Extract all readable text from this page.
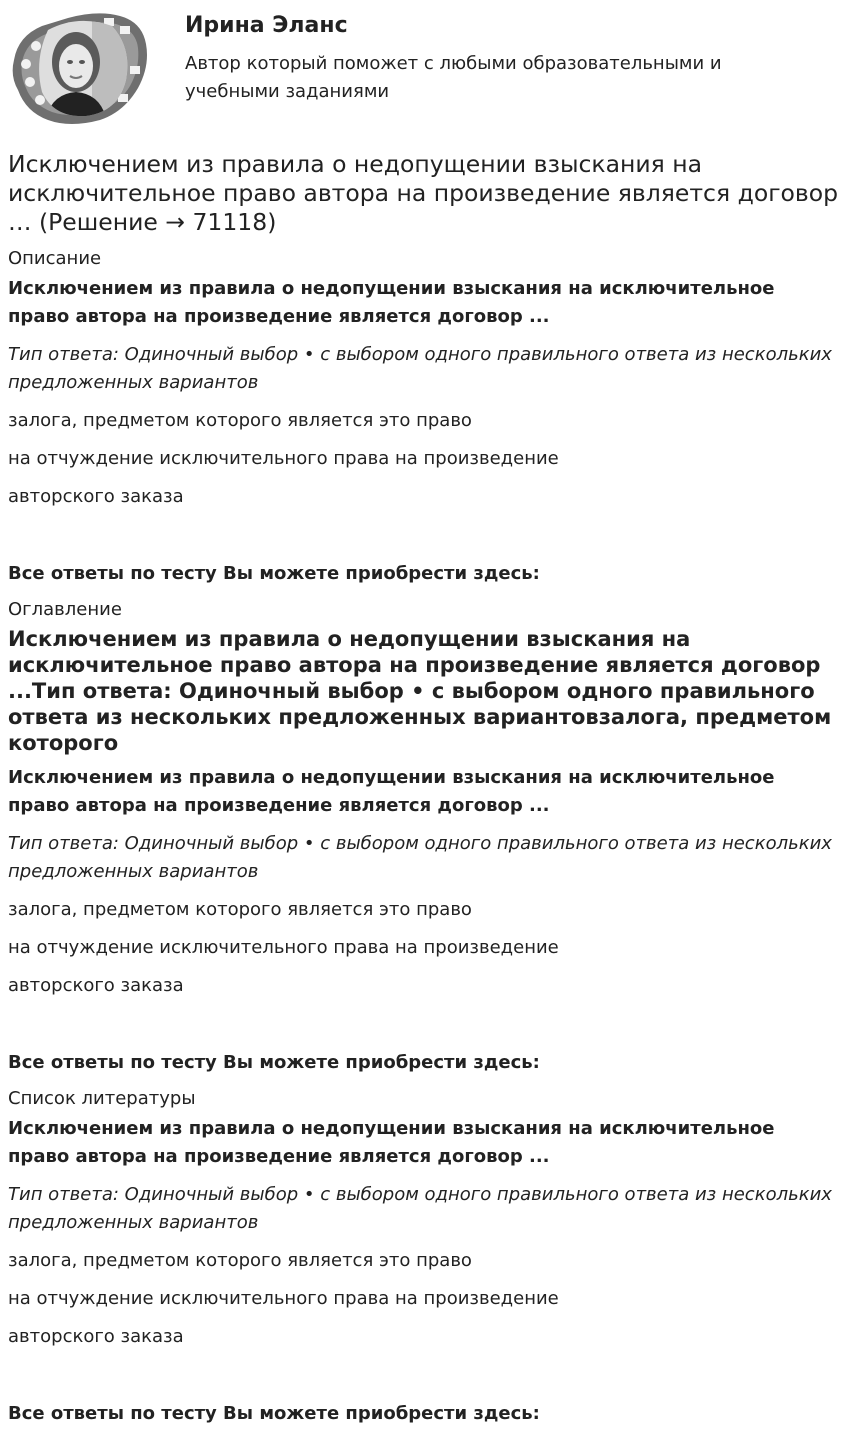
Ирина Эланс
Автор который поможет с любыми образовательными и учебными заданиями
Исключением из правила о недопущении взыскания на исключительное право автора на произведение является договор … (Решение → 71118)
Описание
Исключением из правила о недопущении взыскания на исключительное право автора на произведение является договор ...
Тип ответа: Одиночный выбор • с выбором одного правильного ответа из нескольких предложенных вариантов
залога, предметом которого является это право
на отчуждение исключительного права на произведение
авторского заказа
Все ответы по тесту Вы можете приобрести здесь:
Оглавление
Исключением из правила о недопущении взыскания на исключительное право автора на произведение является договор ...Тип ответа: Одиночный выбор • с выбором одного правильного ответа из нескольких предложенных вариантовзалога, предметом которого
Исключением из правила о недопущении взыскания на исключительное право автора на произведение является договор ...
Тип ответа: Одиночный выбор • с выбором одного правильного ответа из нескольких предложенных вариантов
залога, предметом которого является это право
на отчуждение исключительного права на произведение
авторского заказа
Все ответы по тесту Вы можете приобрести здесь:
Список литературы
Исключением из правила о недопущении взыскания на исключительное право автора на произведение является договор ...
Тип ответа: Одиночный выбор • с выбором одного правильного ответа из нескольких предложенных вариантов
залога, предметом которого является это право
на отчуждение исключительного права на произведение
авторского заказа
Все ответы по тесту Вы можете приобрести здесь:
